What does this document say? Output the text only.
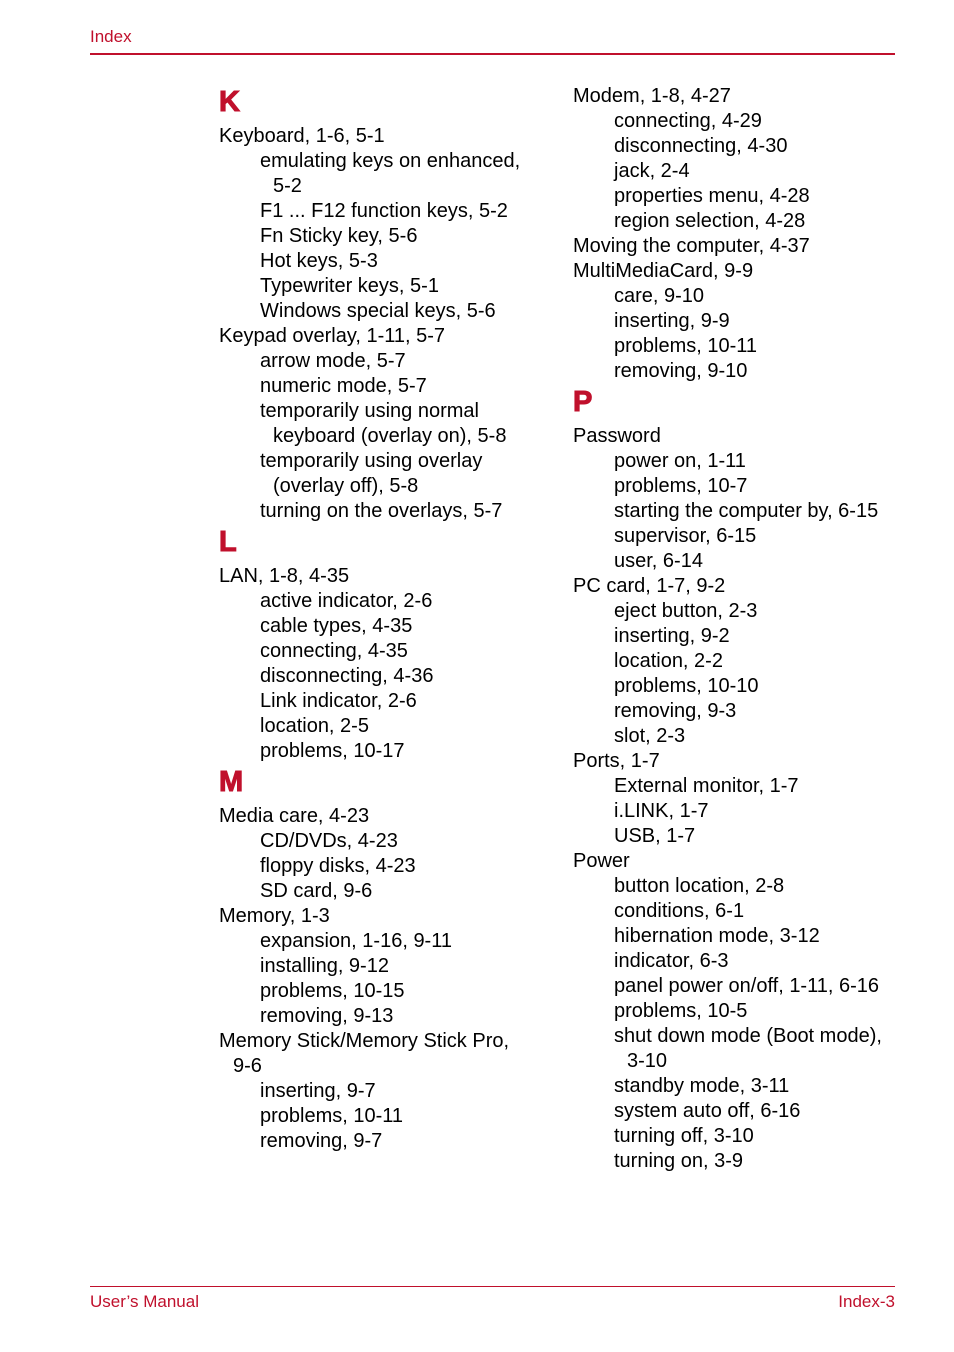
Index
K
Keyboard, 1-6, 5-1
emulating keys on enhanced,
5-2
F1 ... F12 function keys, 5-2
Fn Sticky key, 5-6
Hot keys, 5-3
Typewriter keys, 5-1
Windows special keys, 5-6
Keypad overlay, 1-11, 5-7
arrow mode, 5-7
numeric mode, 5-7
temporarily using normal
keyboard (overlay on), 5-8
temporarily using overlay
(overlay off), 5-8
turning on the overlays, 5-7
L
LAN, 1-8, 4-35
active indicator, 2-6
cable types, 4-35
connecting, 4-35
disconnecting, 4-36
Link indicator, 2-6
location, 2-5
problems, 10-17
M
Media care, 4-23
CD/DVDs, 4-23
floppy disks, 4-23
SD card, 9-6
Memory, 1-3
expansion, 1-16, 9-11
installing, 9-12
problems, 10-15
removing, 9-13
Memory Stick/Memory Stick Pro,
9-6
inserting, 9-7
problems, 10-11
removing, 9-7
Modem, 1-8, 4-27
connecting, 4-29
disconnecting, 4-30
jack, 2-4
properties menu, 4-28
region selection, 4-28
Moving the computer, 4-37
MultiMediaCard, 9-9
care, 9-10
inserting, 9-9
problems, 10-11
removing, 9-10
P
Password
power on, 1-11
problems, 10-7
starting the computer by, 6-15
supervisor, 6-15
user, 6-14
PC card, 1-7, 9-2
eject button, 2-3
inserting, 9-2
location, 2-2
problems, 10-10
removing, 9-3
slot, 2-3
Ports, 1-7
External monitor, 1-7
i.LINK, 1-7
USB, 1-7
Power
button location, 2-8
conditions, 6-1
hibernation mode, 3-12
indicator, 6-3
panel power on/off, 1-11, 6-16
problems, 10-5
shut down mode (Boot mode),
3-10
standby mode, 3-11
system auto off, 6-16
turning off, 3-10
turning on, 3-9
User’s Manual	Index-3
